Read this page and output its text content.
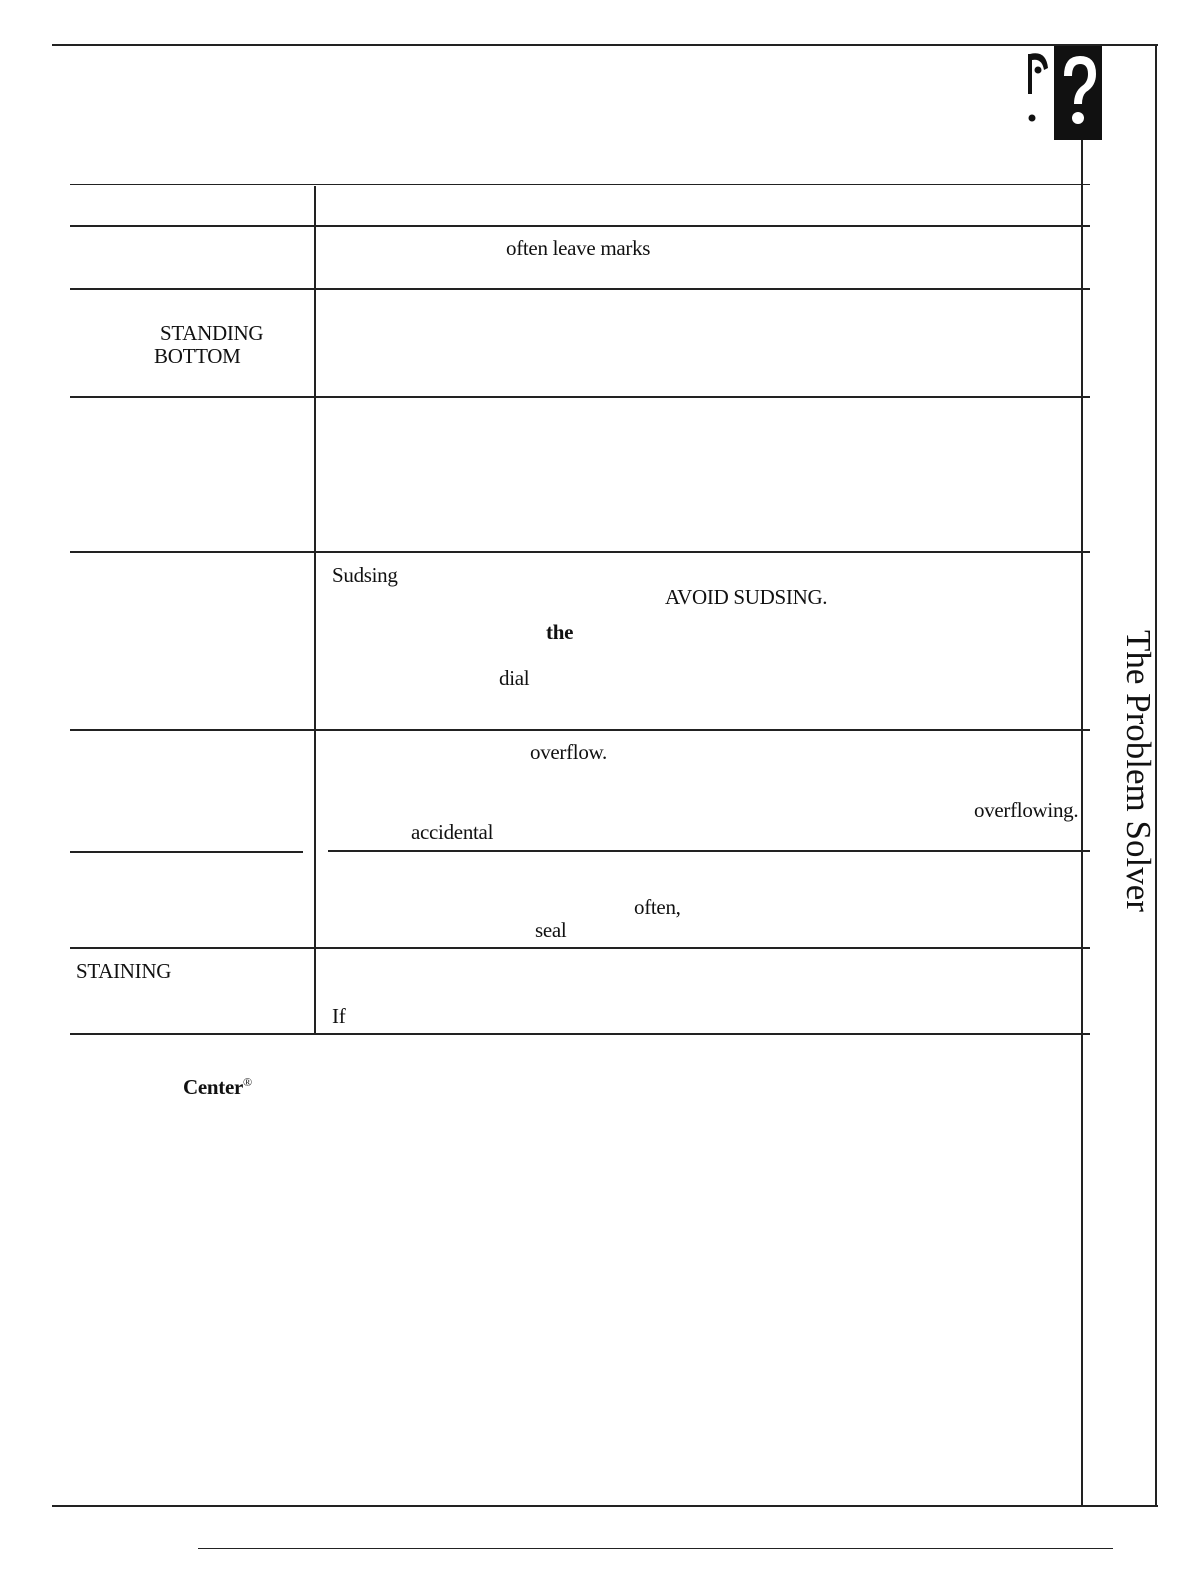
often leave marks
STANDING
BOTTOM
Sudsing
AVOID SUDSING.
the
dial
overflow.
overflowing.
accidental
often,
seal
STAINING
If
Center®
The Problem Solver
